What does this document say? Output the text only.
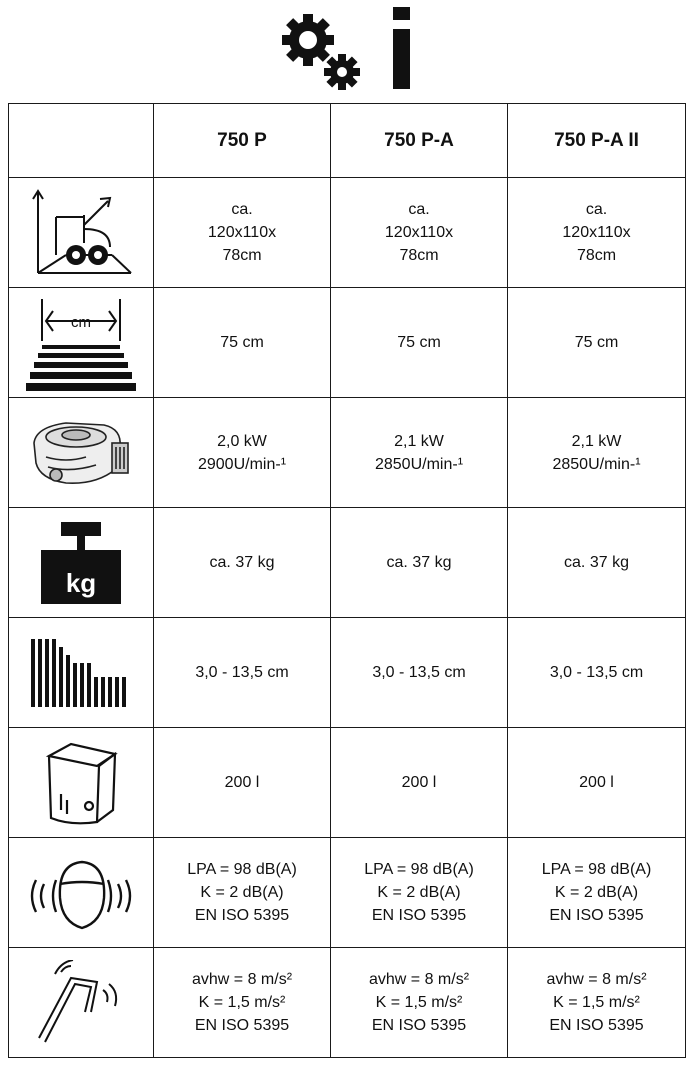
	750 P	750 P-A	750 P-A II

	ca.
120x110x
78cm	ca.
120x110x
78cm	ca.
120x110x
78cm

cm	75 cm	75 cm	75 cm

	2,0 kW
2900U/min-¹	2,1 kW
2850U/min-¹	2,1 kW
2850U/min-¹

kg	ca. 37 kg	ca. 37 kg	ca. 37 kg

	3,0 - 13,5 cm	3,0 - 13,5 cm	3,0 - 13,5 cm

	200 l	200 l	200 l

	LPA = 98 dB(A)
K = 2 dB(A)
EN ISO 5395	LPA = 98 dB(A)
K = 2 dB(A)
EN ISO 5395	LPA = 98 dB(A)
K = 2 dB(A)
EN ISO 5395

	avhw = 8 m/s²
K = 1,5 m/s²
EN ISO 5395	avhw = 8 m/s²
K = 1,5 m/s²
EN ISO 5395	avhw = 8 m/s²
K = 1,5 m/s²
EN ISO 5395
